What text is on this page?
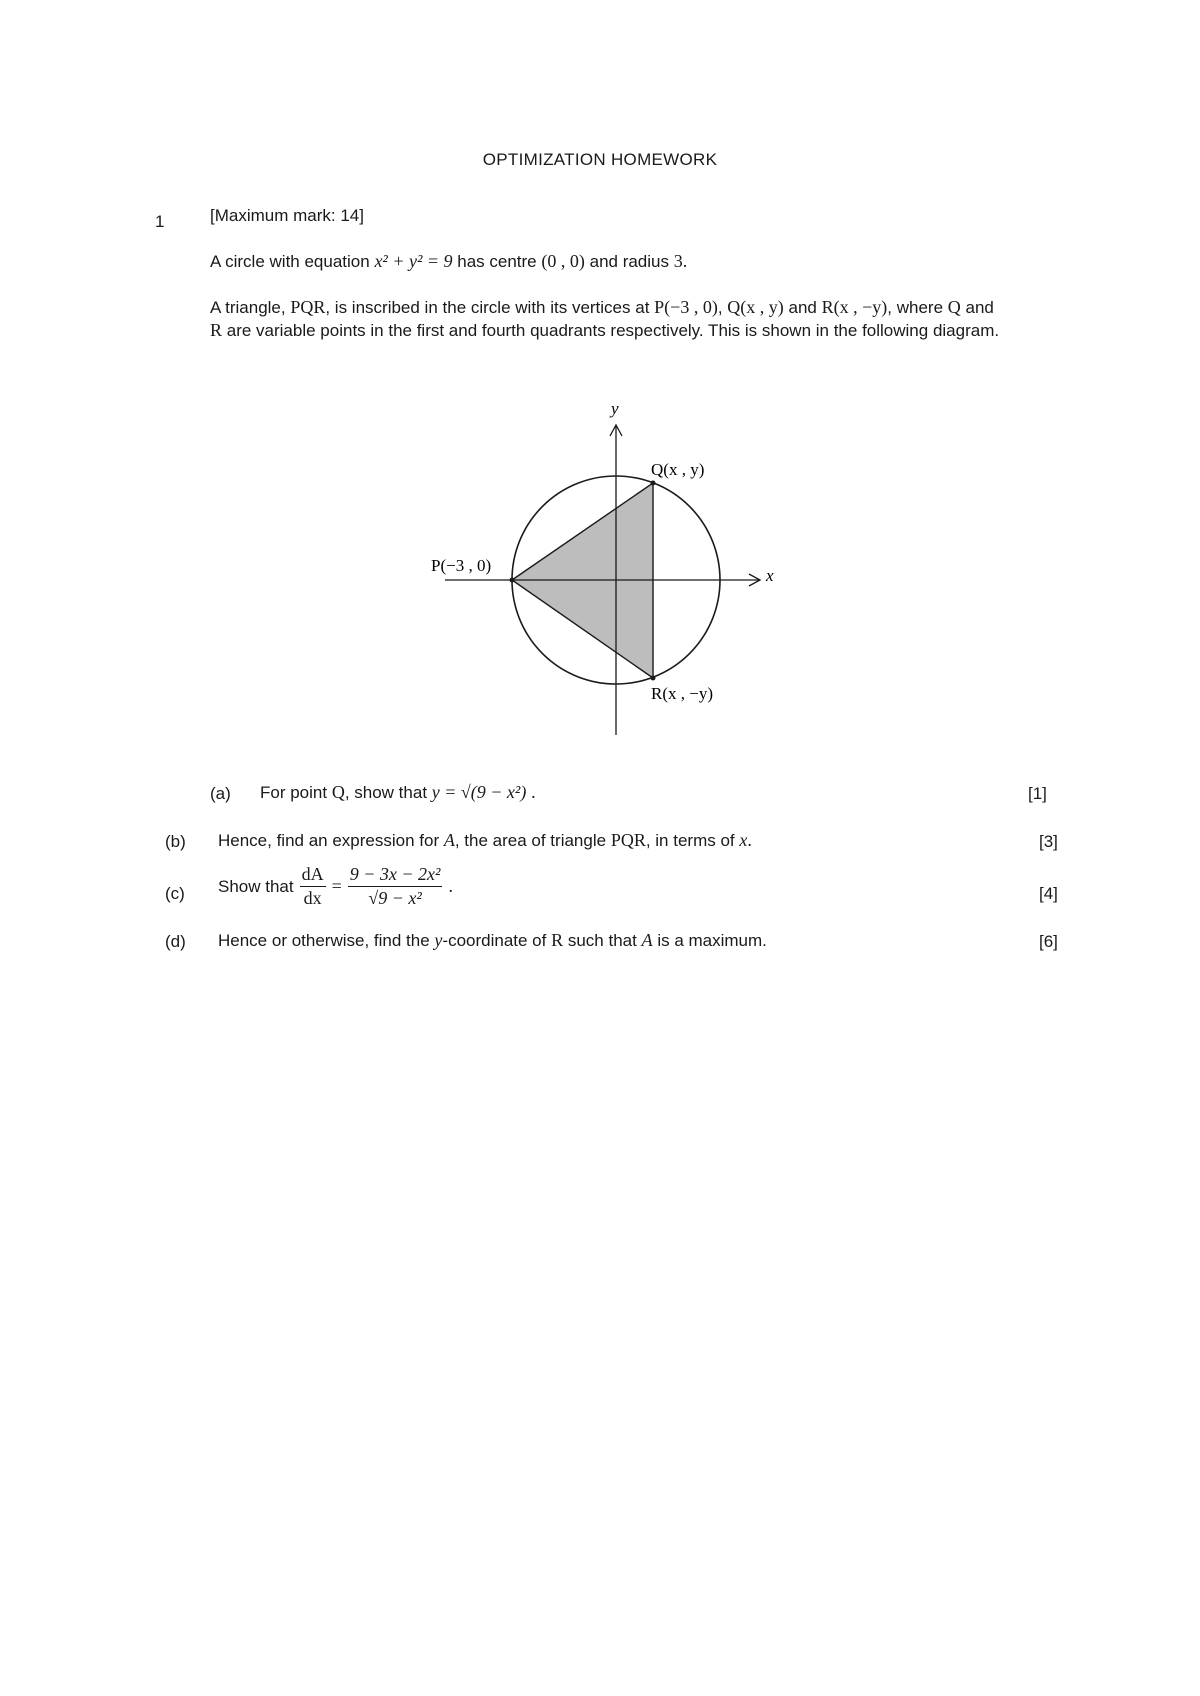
OPTIMIZATION HOMEWORK
1	[Maximum mark: 14]
A circle with equation x² + y² = 9 has centre (0 , 0) and radius 3.
A triangle, PQR, is inscribed in the circle with its vertices at P(−3 , 0), Q(x , y) and R(x , −y), where Q and R are variable points in the first and fourth quadrants respectively. This is shown in the following diagram.
y
x
P(−3 , 0)
Q(x , y)
R(x , −y)
(a) For point Q, show that y = √(9 − x²) .	[1]
(b) Hence, find an expression for A, the area of triangle PQR, in terms of x.	[3]
(c) Show that $\frac{dA}{dx} = \frac{\text{9 − 3x − 2x²}}{\text{√9 − x²}}$ .	[4]
(d) Hence or otherwise, find the y-coordinate of R such that A is a maximum.	[6]
